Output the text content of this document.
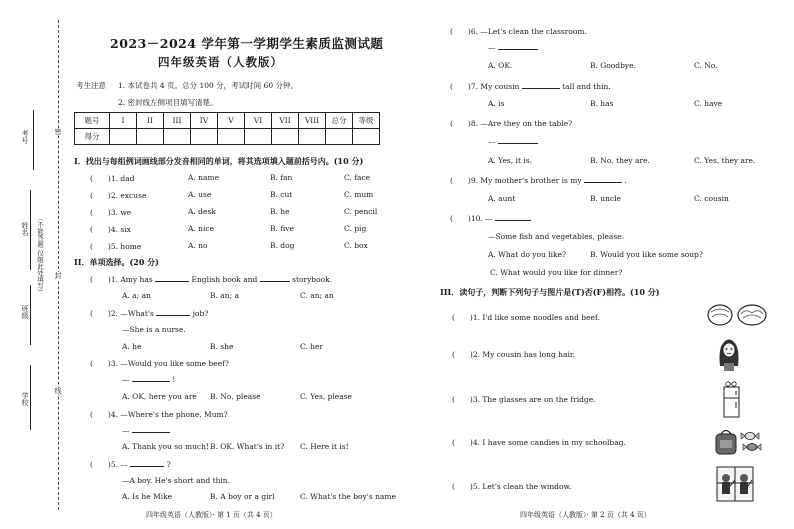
考号
姓名 （不能答题 仅限此处填写）
班级
学校
密
封
线
2023－2024 学年第一学期学生素质监测试题
四年级英语（人教版）
考生注意 1. 本试卷共 4 页。总分 100 分，考试时间 60 分钟。
2. 密封线左侧项目填写清楚。
题号	I	II	III	IV	V	VI	VII	VIII	总分	等级
得分										
I．找出与每组例词画线部分发音相同的单词，将其选项填入题前括号内。(10 分)
(　　)1. dad	A. name	B. fan	C. face
(　　)2. excuse	A. use	B. cut	C. mum
(　　)3. we	A. desk	B. he	C. pencil
(　　)4. six	A. nice	B. five	C. pig
(　　)5. home	A. no	B. dog	C. box
II．单项选择。(20 分)
(　　)1. Amy has	English book and	storybook.
A. a; an	B. an; a	C. an; an
(　　)2. —What's	job?
—She is a nurse.
A. he	B. she	C. her
(　　)3. —Would you like some beef?
—	!
A. OK, here you are B. No, please	C. Yes, please
(　　)4. —Where's the phone, Mum?
—
A. Thank you so much! B. OK. What's in it? C. Here it is!
(　　)5. —	?
—A boy. He's short and thin.
A. Is he Mike	B. A boy or a girl	C. What's the boy's name
四年级英语（人教版）· 第 1 页（共 4 页）
(　　)6. —Let's clean the classroom.
—
A. OK.	B. Goodbye.	C. No.
(　　)7. My cousin	tall and thin.
A. is	B. has	C. have
(　　)8. —Are they on the table?
—
A. Yes, it is.	B. No, they are.	C. Yes, they are.
(　　)9. My mother's brother is my	.
A. aunt	B. uncle	C. cousin
(　　)10. —
—Some fish and vegetables, please.
A. What do you like?	B. Would you like some soup?
C. What would you like for dinner?
III．读句子，判断下列句子与图片是(T)否(F)相符。(10 分)
(　　)1. I'd like some noodles and beef.
(　　)2. My cousin has long hair.
(　　)3. The glasses are on the fridge.
(　　)4. I have some candies in my schoolbag.
(　　)5. Let's clean the window.
四年级英语（人教版）· 第 2 页（共 4 页）
